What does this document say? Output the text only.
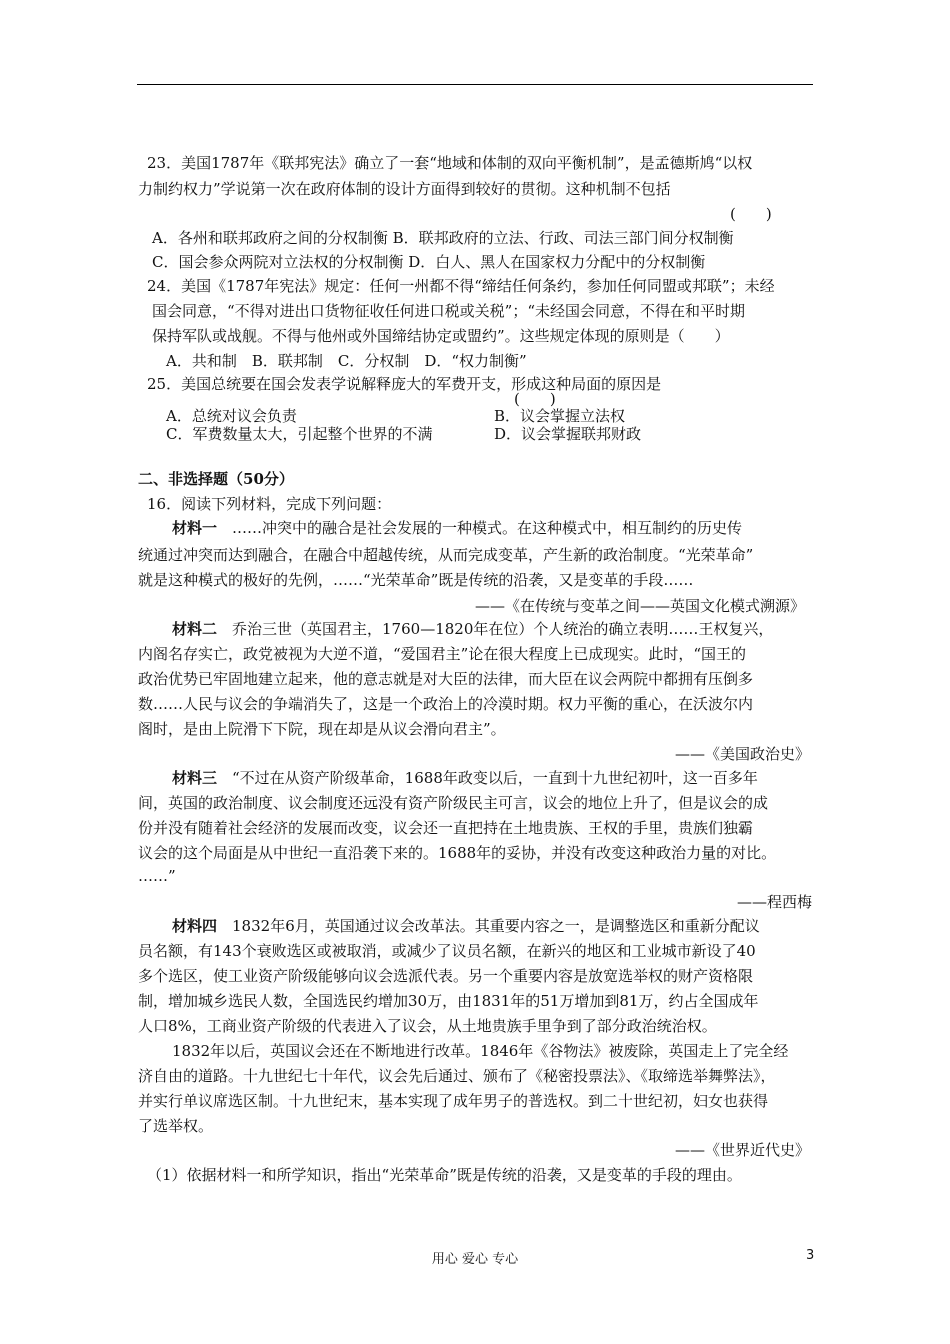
23．美国1787年《联邦宪法》确立了一套“地域和体制的双向平衡机制”，是孟德斯鸠“以权
力制约权力”学说第一次在政府体制的设计方面得到较好的贯彻。这种机制不包括
(　　)
A．各州和联邦政府之间的分权制衡 B．联邦政府的立法、行政、司法三部门间分权制衡
C．国会参众两院对立法权的分权制衡 D．白人、黑人在国家权力分配中的分权制衡
24．美国《1787年宪法》规定：任何一州都不得“缔结任何条约，参加任何同盟或邦联”；未经
国会同意，“不得对进出口货物征收任何进口税或关税”；“未经国会同意，不得在和平时期
保持军队或战舰。不得与他州或外国缔结协定或盟约”。这些规定体现的原则是（　　）
A．共和制　B．联邦制　C．分权制　D．“权力制衡”
25．美国总统要在国会发表学说解释庞大的军费开支，形成这种局面的原因是
(　　)
A．总统对议会负责	B．议会掌握立法权
C．军费数量太大，引起整个世界的不满	D．议会掌握联邦财政
二、非选择题（50分）
16．阅读下列材料，完成下列问题：
材料一　……冲突中的融合是社会发展的一种模式。在这种模式中，相互制约的历史传
统通过冲突而达到融合，在融合中超越传统，从而完成变革，产生新的政治制度。“光荣革命”
就是这种模式的极好的先例，……“光荣革命”既是传统的沿袭，又是变革的手段……
——《在传统与变革之间——英国文化模式溯源》
材料二　乔治三世（英国君主，1760—1820年在位）个人统治的确立表明……王权复兴，
内阁名存实亡，政党被视为大逆不道，“爱国君主”论在很大程度上已成现实。此时，“国王的
政治优势已牢固地建立起来，他的意志就是对大臣的法律，而大臣在议会两院中都拥有压倒多
数……人民与议会的争端消失了，这是一个政治上的冷漠时期。权力平衡的重心，在沃波尔内
阁时，是由上院滑下下院，现在却是从议会滑向君主”。
——《美国政治史》
材料三　“不过在从资产阶级革命，1688年政变以后，一直到十九世纪初叶，这一百多年
间，英国的政治制度、议会制度还远没有资产阶级民主可言，议会的地位上升了，但是议会的成
份并没有随着社会经济的发展而改变，议会还一直把持在土地贵族、王权的手里，贵族们独霸
议会的这个局面是从中世纪一直沿袭下来的。1688年的妥协，并没有改变这种政治力量的对比。
……”
——程西梅
材料四　1832年6月，英国通过议会改革法。其重要内容之一，是调整选区和重新分配议
员名额，有143个衰败选区或被取消，或减少了议员名额，在新兴的地区和工业城市新设了40
多个选区，使工业资产阶级能够向议会选派代表。另一个重要内容是放宽选举权的财产资格限
制，增加城乡选民人数，全国选民约增加30万，由1831年的51万增加到81万，约占全国成年
人口8%，工商业资产阶级的代表进入了议会，从土地贵族手里争到了部分政治统治权。
1832年以后，英国议会还在不断地进行改革。1846年《谷物法》被废除，英国走上了完全经
济自由的道路。十九世纪七十年代，议会先后通过、颁布了《秘密投票法》、《取缔选举舞弊法》，
并实行单议席选区制。十九世纪末，基本实现了成年男子的普选权。到二十世纪初，妇女也获得
了选举权。
——《世界近代史》
（1）依据材料一和所学知识，指出“光荣革命”既是传统的沿袭，又是变革的手段的理由。
用心 爱心 专心	3
